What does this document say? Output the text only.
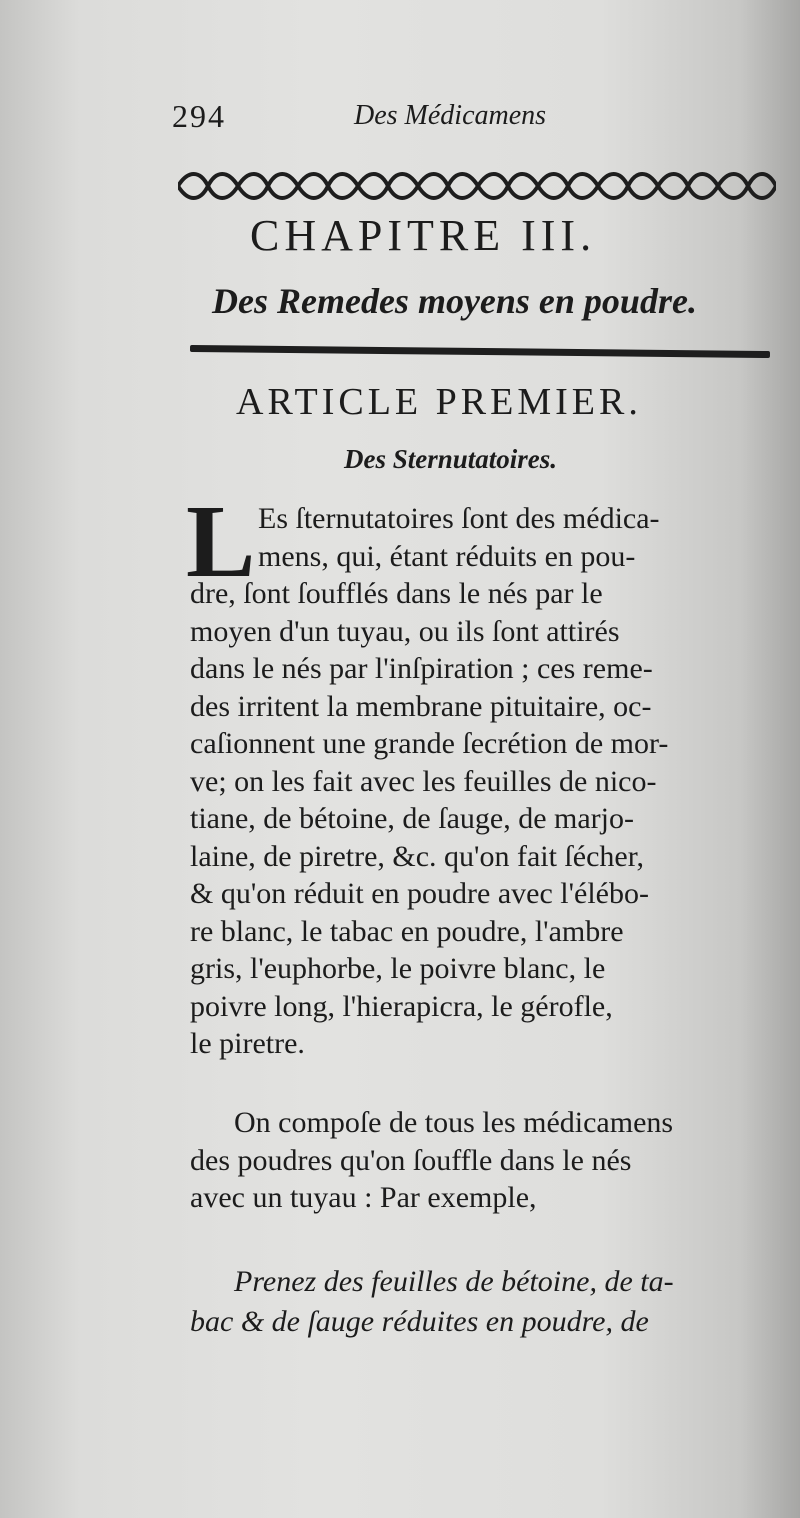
294	Des Médicamens
CHAPITRE III.
Des Remedes moyens en poudre.
ARTICLE PREMIER.
Des Sternutatoires.
L Es ſternutatoires ſont des médica-
mens, qui, étant réduits en pou-
dre, ſont ſoufflés dans le nés par le
moyen d'un tuyau, ou ils ſont attirés
dans le nés par l'inſpiration ; ces reme-
des irritent la membrane pituitaire, oc-
caſionnent une grande ſecrétion de mor-
ve; on les fait avec les feuilles de nico-
tiane, de bétoine, de ſauge, de marjo-
laine, de piretre, &c. qu'on fait ſécher,
& qu'on réduit en poudre avec l'élébo-
re blanc, le tabac en poudre, l'ambre
gris, l'euphorbe, le poivre blanc, le
poivre long, l'hierapicra, le gérofle,
le piretre.
On compoſe de tous les médicamens
des poudres qu'on ſouffle dans le nés
avec un tuyau : Par exemple,
Prenez des feuilles de bétoine, de ta-
bac & de ſauge réduites en poudre, de
